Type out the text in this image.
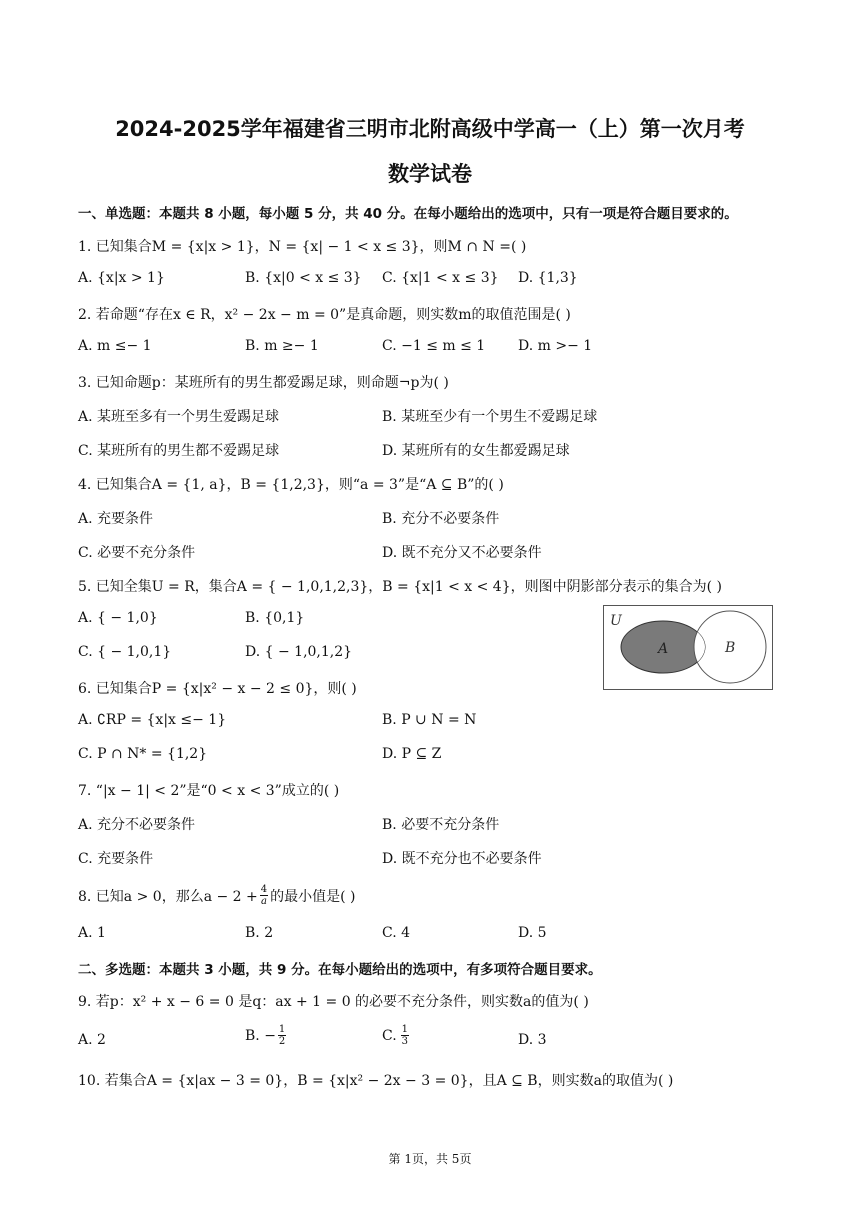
2024-2025学年福建省三明市北附高级中学高一（上）第一次月考
数学试卷
一、单选题：本题共 8 小题，每小题 5 分，共 40 分。在每小题给出的选项中，只有一项是符合题目要求的。
1. 已知集合M = {x|x > 1}，N = {x| − 1 < x ≤ 3}，则M ∩ N =( )
A. {x|x > 1}	B. {x|0 < x ≤ 3} C. {x|1 < x ≤ 3} D. {1,3}
2. 若命题“存在x ∈ R，x² − 2x − m = 0”是真命题，则实数m的取值范围是( )
A. m ≤− 1	B. m ≥− 1	C. −1 ≤ m ≤ 1 D. m >− 1
3. 已知命题p：某班所有的男生都爱踢足球，则命题¬p为( )
A. 某班至多有一个男生爱踢足球	B. 某班至少有一个男生不爱踢足球
C. 某班所有的男生都不爱踢足球	D. 某班所有的女生都爱踢足球
4. 已知集合A = {1, a}，B = {1,2,3}，则“a = 3”是“A ⊆ B”的( )
A. 充要条件	B. 充分不必要条件
C. 必要不充分条件	D. 既不充分又不必要条件
5. 已知全集U = R，集合A = { − 1,0,1,2,3}，B = {x|1 < x < 4}，则图中阴影部分表示的集合为( )
A. { − 1,0}	B. {0,1}
C. { − 1,0,1}	D. { − 1,0,1,2}
U
A	B
6. 已知集合P = {x|x² − x − 2 ≤ 0}，则( )
A. ∁RP = {x|x ≤− 1}	B. P ∪ N = N
C. P ∩ N* = {1,2}	D. P ⊆ Z
7. “|x − 1| < 2”是“0 < x < 3”成立的( )
A. 充分不必要条件	B. 必要不充分条件
C. 充要条件	D. 既不充分也不必要条件
8. 已知a > 0，那么$a - 2 + \frac{4}{a}$ 的最小值是( )
A. 1	B. 2	C. 4	D. 5
二、多选题：本题共 3 小题，共 9 分。在每小题给出的选项中，有多项符合题目要求。
9. 若p：x² + x − 6 = 0 是q：ax + 1 = 0 的必要不充分条件，则实数a的值为( )
A. 2	B. − $\frac{1}{2}$	C. $\frac{1}{3}$	D. 3
10. 若集合A = {x|ax − 3 = 0}，B = {x|x² − 2x − 3 = 0}，且A ⊆ B，则实数a的取值为( )
第 1页，共 5页
